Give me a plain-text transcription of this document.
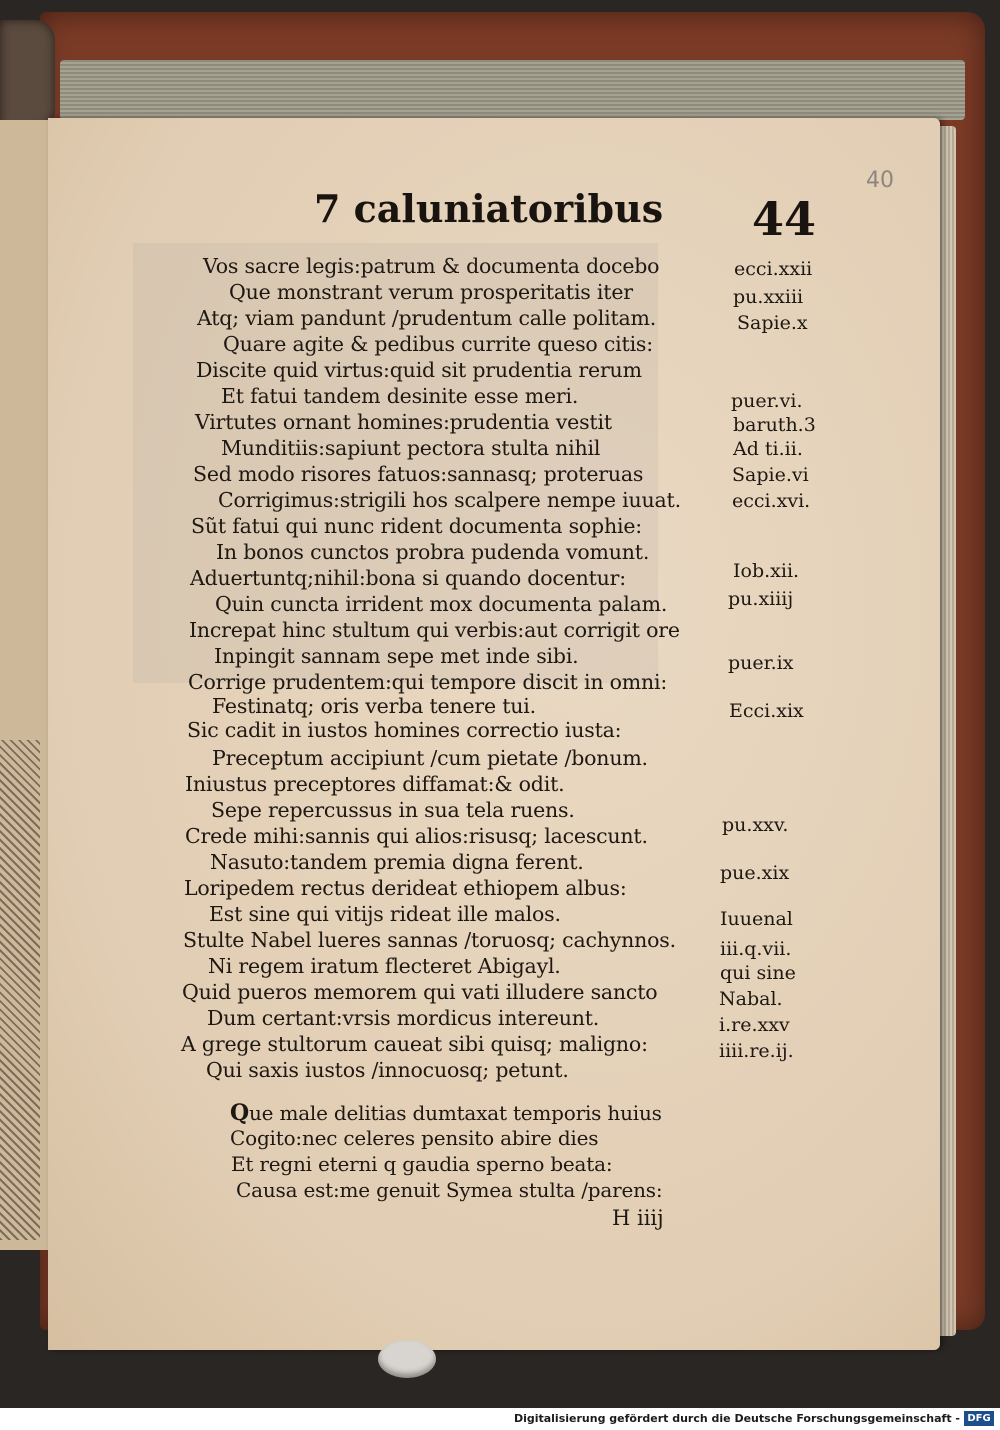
40
7 caluniatoribus 44
Vos sacre legis:patrum & documenta docebo
Que monstrant verum prosperitatis iter
Atq; viam pandunt /prudentum calle politam.
Quare agite & pedibus currite queso citis:
Discite quid virtus:quid sit prudentia rerum
Et fatui tandem desinite esse meri.
Virtutes ornant homines:prudentia vestit
Munditiis:sapiunt pectora stulta nihil
Sed modo risores fatuos:sannasq; proteruas
Corrigimus:strigili hos scalpere nempe iuuat.
Sũt fatui qui nunc rident documenta sophie:
In bonos cunctos probra pudenda vomunt.
Aduertuntq;nihil:bona si quando docentur:
Quin cuncta irrident mox documenta palam.
Increpat hinc stultum qui verbis:aut corrigit ore
Inpingit sannam sepe met inde sibi.
Corrige prudentem:qui tempore discit in omni:
Festinatq; oris verba tenere tui.
Sic cadit in iustos homines correctio iusta:
Preceptum accipiunt /cum pietate /bonum.
Iniustus preceptores diffamat:& odit.
Sepe repercussus in sua tela ruens.
Crede mihi:sannis qui alios:risusq; lacescunt.
Nasuto:tandem premia digna ferent.
Loripedem rectus derideat ethiopem albus:
Est sine qui vitijs rideat ille malos.
Stulte Nabel lueres sannas /toruosq; cachynnos.
Ni regem iratum flecteret Abigayl.
Quid pueros memorem qui vati illudere sancto
Dum certant:vrsis mordicus intereunt.
A grege stultorum caueat sibi quisq; maligno:
Qui saxis iustos /innocuosq; petunt.
Que male delitias dumtaxat temporis huius
Cogito:nec celeres pensito abire dies
Et regni eterni q gaudia sperno beata:
Causa est:me genuit Symea stulta /parens:
ecci.xxii
pu.xxiii
Sapie.x
puer.vi.
baruth.3
Ad ti.ii.
Sapie.vi
ecci.xvi.
Iob.xii.
pu.xiiij
puer.ix
Ecci.xix
pu.xxv.
pue.xix
Iuuenal
iii.q.vii.
qui sine
Nabal.
i.re.xxv
iiii.re.ij.
H iiij
Digitalisierung gefördert durch die Deutsche Forschungsgemeinschaft - DFG
